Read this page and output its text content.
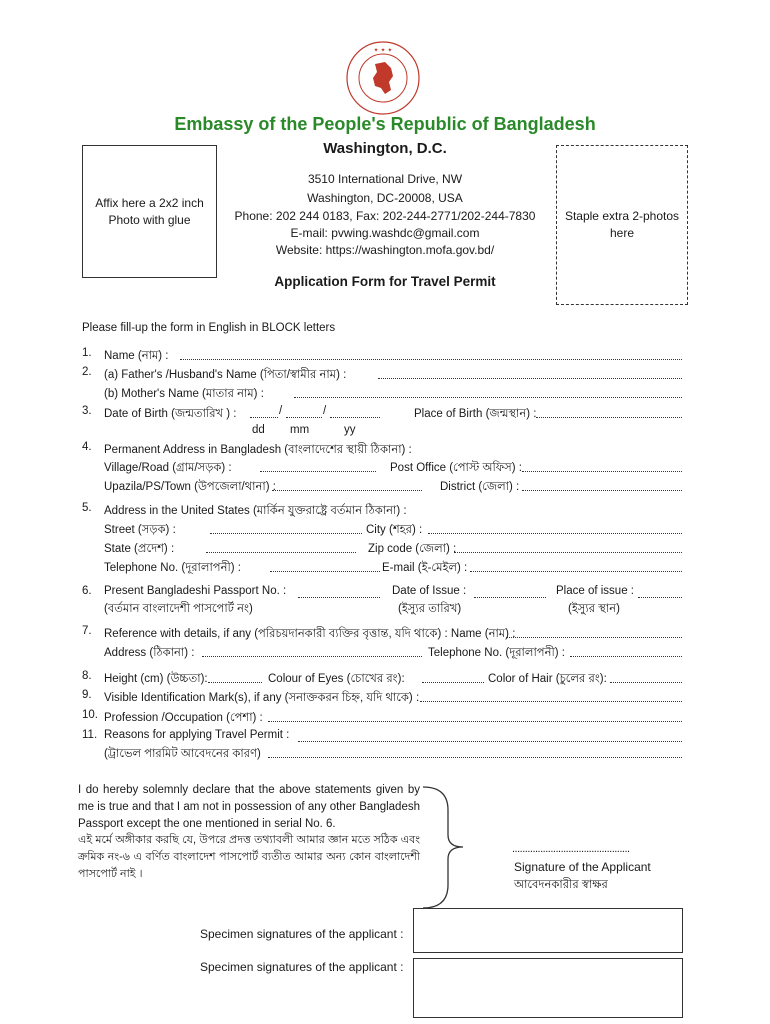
✦ ✦ ✦
Embassy of the People's Republic of Bangladesh
Washington, D.C.
Affix here a 2x2 inch Photo with glue	Staple extra 2-photos here
3510 International Drive, NW
Washington, DC-20008, USA
Phone: 202 244 0183, Fax: 202-244-2771/202-244-7830
E-mail: pvwing.washdc@gmail.com
Website: https://washington.mofa.gov.bd/
Application Form for Travel Permit
Please fill-up the form in English in BLOCK letters
1. Name (নাম) :
2. (a) Father's /Husband's Name (পিতা/স্বামীর নাম) :
(b) Mother's Name (মাতার নাম) :
3. Date of Birth (জন্মতারিখ ) :	/	/	Place of Birth (জন্মস্থান) :
dd mm	yy
4. Permanent Address in Bangladesh (বাংলাদেশের স্থায়ী ঠিকানা) :
Village/Road (গ্রাম/সড়ক) :	Post Office (পোস্ট অফিস) :
Upazila/PS/Town (উপজেলা/থানা) :	District (জেলা) :
5. Address in the United States (মার্কিন যুক্তরাষ্ট্রে বর্তমান ঠিকানা) :
Street (সড়ক) :	City (শহর) :
State (প্রদেশ) :	Zip code (জেলা) :
Telephone No. (দূরালাপনী) :	E-mail (ই-মেইল) :
6. Present Bangladeshi Passport No. :	Date of Issue :	Place of issue :
(বর্তমান বাংলাদেশী পাসপোর্ট নং)	(ইস্যুর তারিখ)	(ইস্যুর স্থান)
7. Reference with details, if any (পরিচয়দানকারী ব্যক্তির বৃত্তান্ত, যদি থাকে) : Name (নাম) :
Address (ঠিকানা) :	Telephone No. (দূরালাপনী) :
8. Height (cm) (উচ্চতা):	Colour of Eyes (চোখের রং):	Color of Hair (চুলের রং):
9. Visible Identification Mark(s), if any (সনাক্তকরন চিহ্ন, যদি থাকে) :
10. Profession /Occupation (পেশা) :
11. Reasons for applying Travel Permit :
(ট্রাভেল পারমিট আবেদনের কারণ)
I do hereby solemnly declare that the above statements given by me is true and that I am not in possession of any other Bangladesh Passport except the one mentioned in serial No. 6.
এই মর্মে অঙ্গীকার করছি যে, উপরে প্রদত্ত তথ্যাবলী আমার জ্ঞান মতে সঠিক এবং ক্রমিক নং-৬ এ বর্ণিত বাংলাদেশ পাসপোর্ট ব্যতীত আমার অন্য কোন বাংলাদেশী পাসপোর্ট নাই ।
..............................................
Signature of the Applicant
আবেদনকারীর স্বাক্ষর
Specimen signatures of the applicant :
Specimen signatures of the applicant :
